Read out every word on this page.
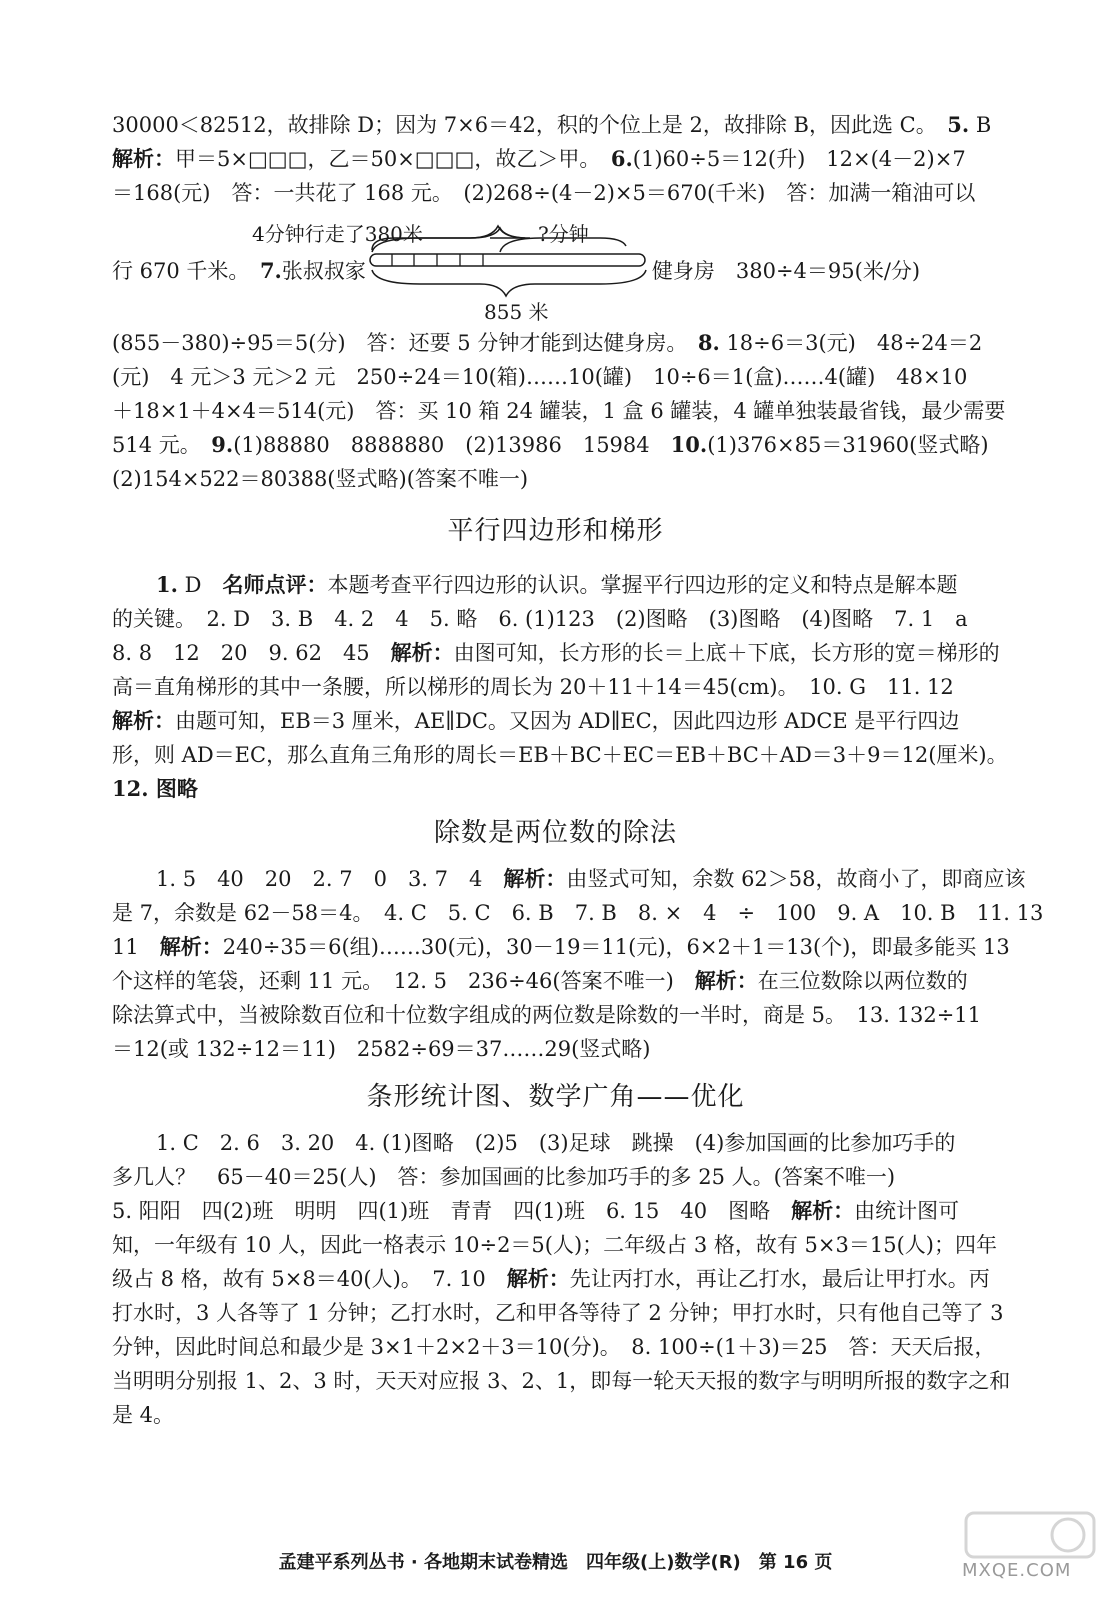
30000＜82512，故排除 D；因为 7×6＝42，积的个位上是 2，故排除 B，因此选 C。　 5. B
解析：甲＝5×□□□，乙＝50×□□□，故乙＞甲。　 6.(1)60÷5＝12(升)　12×(4－2)×7
＝168(元)　答：一共花了 168 元。　(2)268÷(4－2)×5＝670(千米)　答：加满一箱油可以
4分钟行走了380米	?分钟
855 米
行 670 千米。　 7.张叔叔家	健身房　380÷4＝95(米/分)
(855－380)÷95＝5(分)　答：还要 5 分钟才能到达健身房。　 8. 18÷6＝3(元)　48÷24＝2
(元)　4 元＞3 元＞2 元　250÷24＝10(箱)……10(罐)　10÷6＝1(盒)……4(罐)　48×10
＋18×1＋4×4＝514(元)　答：买 10 箱 24 罐装，1 盒 6 罐装，4 罐单独装最省钱，最少需要
514 元。　 9.(1)88880　8888880　(2)13986　15984　 10.(1)376×85＝31960(竖式略)
(2)154×522＝80388(竖式略)(答案不唯一)
平行四边形和梯形
1. D　名师点评：本题考查平行四边形的认识。掌握平行四边形的定义和特点是解本题
的关键。　 2. D　3. B　4. 2　4　5. 略　6. (1)123　(2)图略　(3)图略　(4)图略　7. 1　a
8. 8　12　20　9. 62　45　解析：由图可知，长方形的长＝上底＋下底，长方形的宽＝梯形的
高＝直角梯形的其中一条腰，所以梯形的周长为 20＋11＋14＝45(cm)。　10. G　11. 12
解析：由题可知，EB＝3 厘米，AE∥DC。又因为 AD∥EC，因此四边形 ADCE 是平行四边
形，则 AD＝EC，那么直角三角形的周长＝EB＋BC＋EC＝EB＋BC＋AD＝3＋9＝12(厘米)。
12. 图略
除数是两位数的除法
1. 5　40　20　2. 7　0　3. 7　4　解析：由竖式可知，余数 62＞58，故商小了，即商应该
是 7，余数是 62－58＝4。　4. C　5. C　6. B　7. B　8. ×　4　÷　100　9. A　10. B　11. 13
11　解析：240÷35＝6(组)……30(元)，30－19＝11(元)，6×2＋1＝13(个)，即最多能买 13
个这样的笔袋，还剩 11 元。　12. 5　236÷46(答案不唯一)　解析：在三位数除以两位数的
除法算式中，当被除数百位和十位数字组成的两位数是除数的一半时，商是 5。　13. 132÷11
＝12(或 132÷12＝11)　2582÷69＝37……29(竖式略)
条形统计图、数学广角——优化
1. C　2. 6　3. 20　4. (1)图略　(2)5　(3)足球　跳操　(4)参加国画的比参加巧手的
多几人？　65－40＝25(人)　答：参加国画的比参加巧手的多 25 人。(答案不唯一)
5. 阳阳　四(2)班　明明　四(1)班　青青　四(1)班　6. 15　40　图略　解析：由统计图可
知，一年级有 10 人，因此一格表示 10÷2＝5(人)；二年级占 3 格，故有 5×3＝15(人)；四年
级占 8 格，故有 5×8＝40(人)。　7. 10　解析：先让丙打水，再让乙打水，最后让甲打水。丙
打水时，3 人各等了 1 分钟；乙打水时，乙和甲各等待了 2 分钟；甲打水时，只有他自己等了 3
分钟，因此时间总和最少是 3×1＋2×2＋3＝10(分)。　8. 100÷(1＋3)＝25　答：天天后报，
当明明分别报 1、2、3 时，天天对应报 3、2、1，即每一轮天天报的数字与明明所报的数字之和
是 4。
孟建平系列丛书 · 各地期末试卷精选　四年级(上)数学(R)　第 16 页	MXQE.COM
